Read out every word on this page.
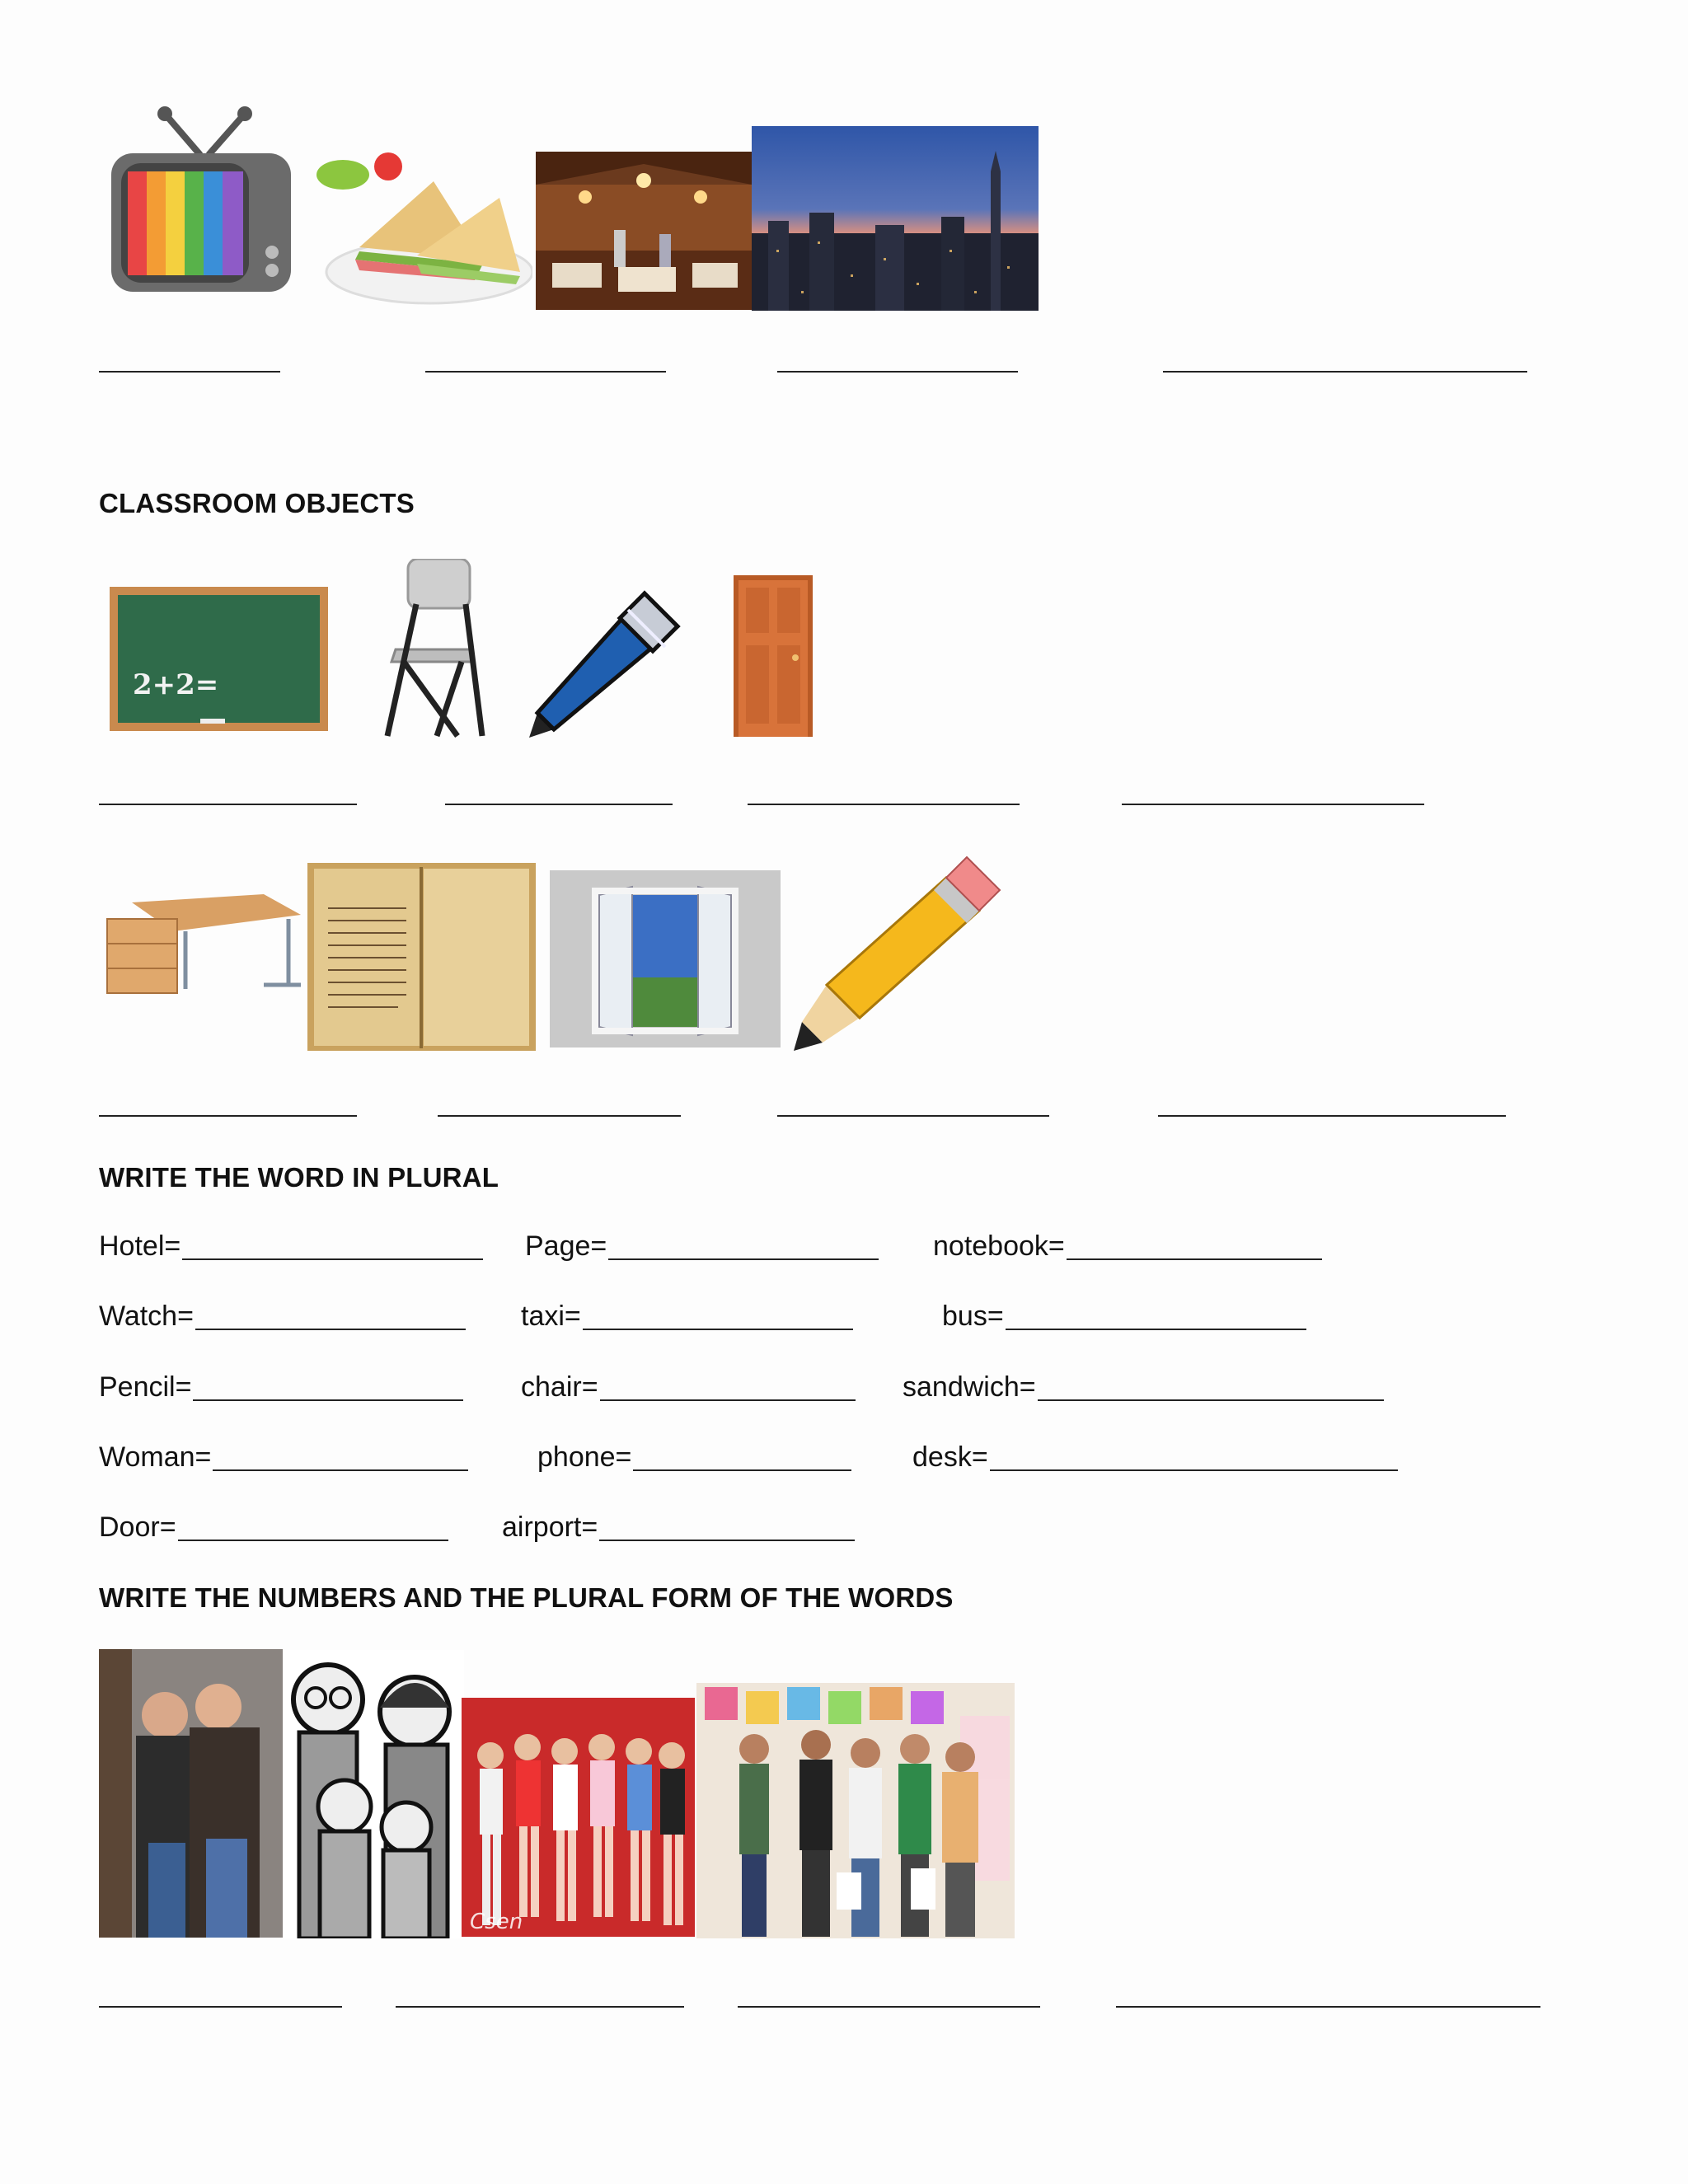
CLASSROOM OBJECTS
2+2=
WRITE THE WORD IN PLURAL
Hotel=	Page=	notebook=
Watch=	taxi=	bus=
Pencil=	chair=	sandwich=
Woman=	phone=	desk=
Door=	airport=
WRITE THE NUMBERS AND THE PLURAL FORM OF THE WORDS
Csen
